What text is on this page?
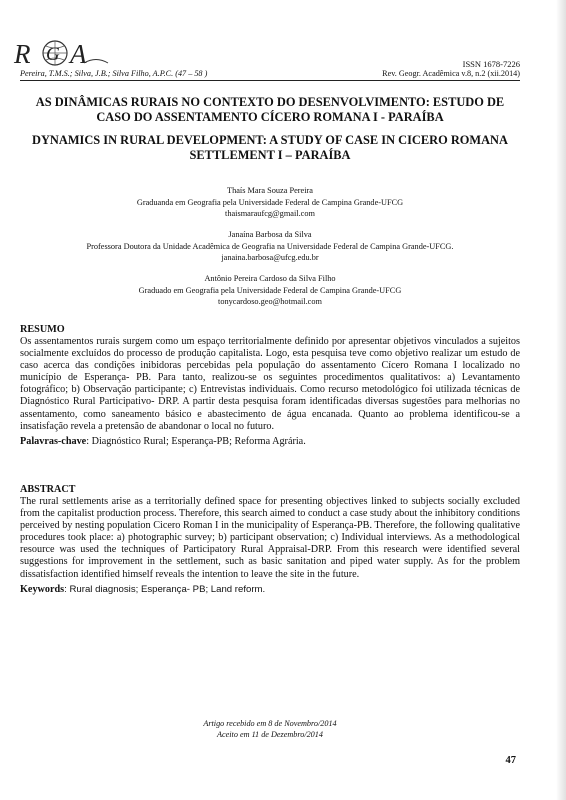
R G A	ISSN 1678-7226
Pereira, T.M.S.; Silva, J.B.; Silva Filho, A.P.C. (47 – 58 )	Rev. Geogr. Acadêmica v.8, n.2 (xii.2014)
AS DINÂMICAS RURAIS NO CONTEXTO DO DESENVOLVIMENTO: ESTUDO DE CASO DO ASSENTAMENTO CÍCERO ROMANA I - PARAÍBA
DYNAMICS IN RURAL DEVELOPMENT: A STUDY OF CASE IN CICERO ROMANA SETTLEMENT I – PARAÍBA
Thaís Mara Souza Pereira
Graduanda em Geografia pela Universidade Federal de Campina Grande-UFCG
thaismaraufcg@gmail.com
Janaína Barbosa da Silva
Professora Doutora da Unidade Acadêmica de Geografia na Universidade Federal de Campina Grande-UFCG.
janaina.barbosa@ufcg.edu.br
Antônio Pereira Cardoso da Silva Filho
Graduado em Geografia pela Universidade Federal de Campina Grande-UFCG
tonycardoso.geo@hotmail.com
RESUMO

Os assentamentos rurais surgem como um espaço territorialmente definido por apresentar objetivos vinculados a sujeitos socialmente excluídos do processo de produção capitalista. Logo, esta pesquisa teve como objetivo realizar um estudo de caso acerca das condições inibidoras percebidas pela população do assentamento Cícero Romana I localizado no município de Esperança- PB. Para tanto, realizou-se os seguintes procedimentos qualitativos: a) Levantamento fotográfico; b) Observação participante; c) Entrevistas individuais. Como recurso metodológico foi utilizada técnicas de Diagnóstico Rural Participativo- DRP. A partir desta pesquisa foram identificadas diversas sugestões para melhorias no assentamento, como saneamento básico e abastecimento de água encanada. Quanto ao problema identificou-se a insatisfação revela a pretensão de abandonar o local no futuro.

Palavras-chave: Diagnóstico Rural; Esperança-PB; Reforma Agrária.
ABSTRACT

The rural settlements arise as a territorially defined space for presenting objectives linked to subjects socially excluded from the capitalist production process. Therefore, this search aimed to conduct a case study about the inhibitory conditions perceived by nesting population Cicero Roman I in the municipality of Esperança-PB. Therefore, the following qualitative procedures took place: a) photographic survey; b) participant observation; c) Individual interviews. As a methodological resource was used the techniques of Participatory Rural Appraisal-DRP. From this research were identified several suggestions for improvement in the settlement, such as basic sanitation and piped water supply. As for the problem dissatisfaction identified himself reveals the intention to leave the site in the future.

Keywords: Rural diagnosis; Esperança- PB; Land reform.
Artigo recebido em 8 de Novembro/2014
Aceito em 11 de Dezembro/2014
47
